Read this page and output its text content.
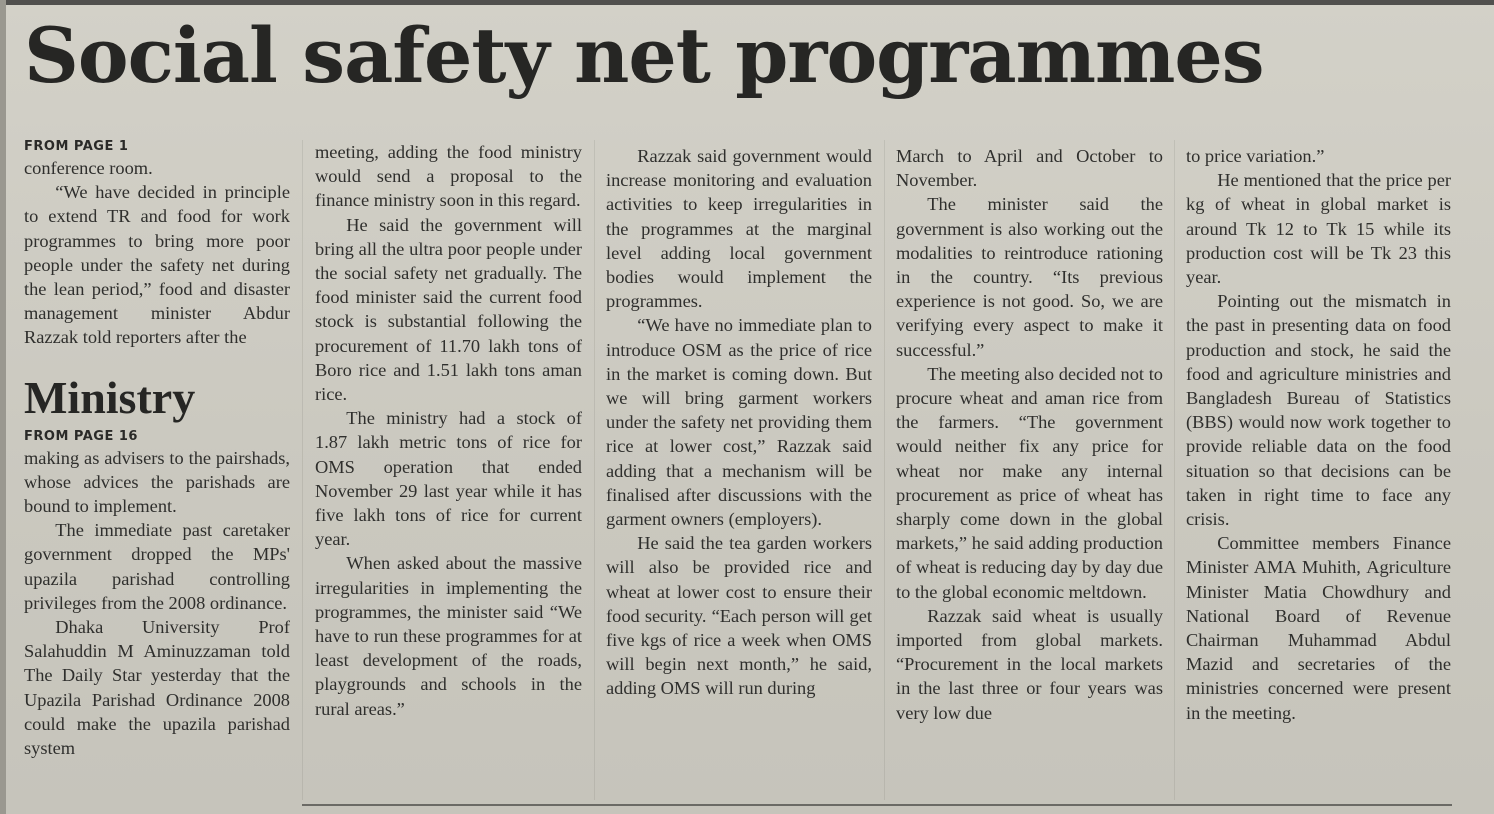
Social safety net programmes

FROM PAGE 1

conference room.

“We have decided in principle to extend TR and food for work programmes to bring more poor people under the safety net during the lean period,” food and disaster management minister Abdur Razzak told reporters after the

Ministry

FROM PAGE 16

making as advisers to the pairshads, whose advices the parishads are bound to implement.

The immediate past caretaker government dropped the MPs' upazila parishad controlling privileges from the 2008 ordinance.

Dhaka University Prof Salahuddin M Aminuzzaman told The Daily Star yesterday that the Upazila Parishad Ordinance 2008 could make the upazila parishad system

meeting, adding the food ministry would send a proposal to the finance ministry soon in this regard.

He said the government will bring all the ultra poor people under the social safety net gradually. The food minister said the current food stock is substantial following the procurement of 11.70 lakh tons of Boro rice and 1.51 lakh tons aman rice.

The ministry had a stock of 1.87 lakh metric tons of rice for OMS operation that ended November 29 last year while it has five lakh tons of rice for current year.

When asked about the massive irregularities in implementing the programmes, the minister said “We have to run these programmes for at least development of the roads, playgrounds and schools in the rural areas.”

Razzak said government would increase monitoring and evaluation activities to keep irregularities in the programmes at the marginal level adding local government bodies would implement the programmes.

“We have no immediate plan to introduce OSM as the price of rice in the market is coming down. But we will bring garment workers under the safety net providing them rice at lower cost,” Razzak said adding that a mechanism will be finalised after discussions with the garment owners (employers).

He said the tea garden workers will also be provided rice and wheat at lower cost to ensure their food security. “Each person will get five kgs of rice a week when OMS will begin next month,” he said, adding OMS will run during

March to April and October to November.

The minister said the government is also working out the modalities to reintroduce rationing in the country. “Its previous experience is not good. So, we are verifying every aspect to make it successful.”

The meeting also decided not to procure wheat and aman rice from the farmers. “The government would neither fix any price for wheat nor make any internal procurement as price of wheat has sharply come down in the global markets,” he said adding production of wheat is reducing day by day due to the global economic meltdown.

Razzak said wheat is usually imported from global markets. “Procurement in the local markets in the last three or four years was very low due

to price variation.”

He mentioned that the price per kg of wheat in global market is around Tk 12 to Tk 15 while its production cost will be Tk 23 this year.

Pointing out the mismatch in the past in presenting data on food production and stock, he said the food and agriculture ministries and Bangladesh Bureau of Statistics (BBS) would now work together to provide reliable data on the food situation so that decisions can be taken in right time to face any crisis.

Committee members Finance Minister AMA Muhith, Agriculture Minister Matia Chowdhury and National Board of Revenue Chairman Muhammad Abdul Mazid and secretaries of the ministries concerned were present in the meeting.
